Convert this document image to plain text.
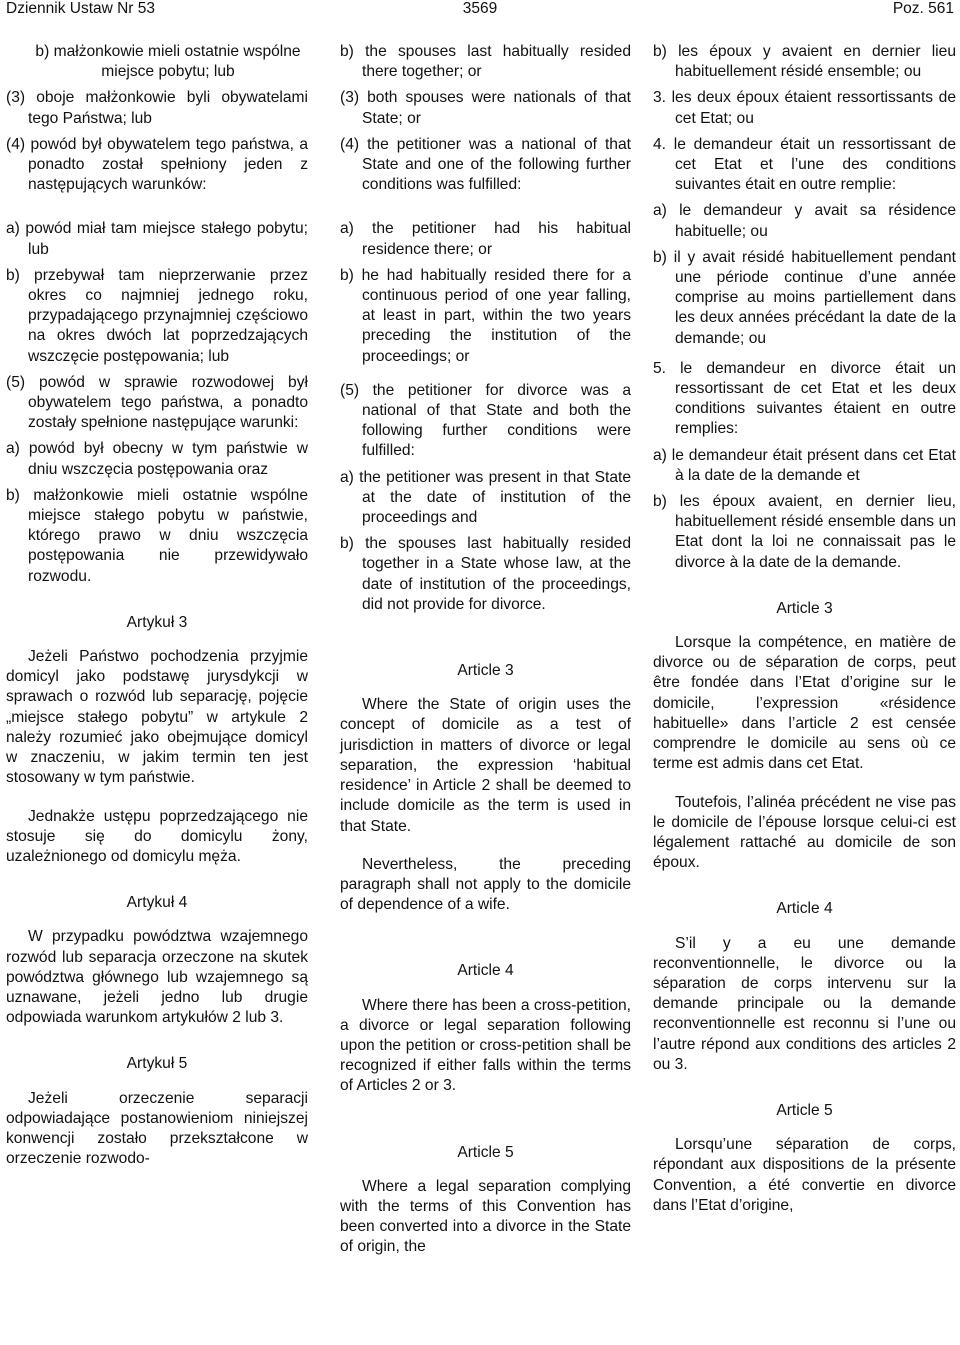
Dziennik Ustaw Nr 53	3569	Poz. 561
b) małżonkowie mieli ostatnie wspólne miejsce pobytu; lub
(3) oboje małżonkowie byli obywatelami tego Państwa; lub
(4) powód był obywatelem tego państwa, a ponadto został spełniony jeden z następujących warunków:
a) powód miał tam miejsce stałego pobytu; lub
b) przebywał tam nieprzerwanie przez okres co najmniej jednego roku, przypadającego przynajmniej częściowo na okres dwóch lat poprzedzających wszczęcie postępowania; lub
(5) powód w sprawie rozwodowej był obywatelem tego państwa, a ponadto zostały spełnione następujące warunki:
a) powód był obecny w tym państwie w dniu wszczęcia postępowania oraz
b) małżonkowie mieli ostatnie wspólne miejsce stałego pobytu w państwie, którego prawo w dniu wszczęcia postępowania nie przewidywało rozwodu.
Artykuł 3
Jeżeli Państwo pochodzenia przyjmie domicyl jako podstawę jurysdykcji w sprawach o rozwód lub separację, pojęcie „miejsce stałego pobytu” w artykule 2 należy rozumieć jako obejmujące domicyl w znaczeniu, w jakim termin ten jest stosowany w tym państwie.
Jednakże ustępu poprzedzającego nie stosuje się do domicylu żony, uzależnionego od domicylu męża.
Artykuł 4
W przypadku powództwa wzajemnego rozwód lub separacja orzeczone na skutek powództwa głównego lub wzajemnego są uznawane, jeżeli jedno lub drugie odpowiada warunkom artykułów 2 lub 3.
Artykuł 5
Jeżeli orzeczenie separacji odpowiadające postanowieniom niniejszej konwencji zostało przekształcone w orzeczenie rozwodo-
b) the spouses last habitually resided there together; or
(3) both spouses were nationals of that State; or
(4) the petitioner was a national of that State and one of the following further conditions was fulfilled:
a) the petitioner had his habitual residence there; or
b) he had habitually resided there for a continuous period of one year falling, at least in part, within the two years preceding the institution of the proceedings; or
(5) the petitioner for divorce was a national of that State and both the following further conditions were fulfilled:
a) the petitioner was present in that State at the date of institution of the proceedings and
b) the spouses last habitually resided together in a State whose law, at the date of institution of the proceedings, did not provide for divorce.
Article 3
Where the State of origin uses the concept of domicile as a test of jurisdiction in matters of divorce or legal separation, the expression ‘habitual residence’ in Article 2 shall be deemed to include domicile as the term is used in that State.
Nevertheless, the preceding paragraph shall not apply to the domicile of dependence of a wife.
Article 4
Where there has been a cross-petition, a divorce or legal separation following upon the petition or cross-petition shall be recognized if either falls within the terms of Articles 2 or 3.
Article 5
Where a legal separation complying with the terms of this Convention has been converted into a divorce in the State of origin, the
b) les époux y avaient en dernier lieu habituellement résidé ensemble; ou
3. les deux époux étaient ressortissants de cet Etat; ou
4. le demandeur était un ressortissant de cet Etat et l’une des conditions suivantes était en outre remplie:
a) le demandeur y avait sa résidence habituelle; ou
b) il y avait résidé habituellement pendant une période continue d’une année comprise au moins partiellement dans les deux années précédant la date de la demande; ou
5. le demandeur en divorce était un ressortissant de cet Etat et les deux conditions suivantes étaient en outre remplies:
a) le demandeur était présent dans cet Etat à la date de la demande et
b) les époux avaient, en dernier lieu, habituellement résidé ensemble dans un Etat dont la loi ne connaissait pas le divorce à la date de la demande.
Article 3
Lorsque la compétence, en matière de divorce ou de séparation de corps, peut être fondée dans l’Etat d’origine sur le domicile, l’expression «résidence habituelle» dans l’article 2 est censée comprendre le domicile au sens où ce terme est admis dans cet Etat.
Toutefois, l’alinéa précédent ne vise pas le domicile de l’épouse lorsque celui-ci est légalement rattaché au domicile de son époux.
Article 4
S’il y a eu une demande reconventionnelle, le divorce ou la séparation de corps intervenu sur la demande principale ou la demande reconventionnelle est reconnu si l’une ou l’autre répond aux conditions des articles 2 ou 3.
Article 5
Lorsqu’une séparation de corps, répondant aux dispositions de la présente Convention, a été convertie en divorce dans l’Etat d’origine,
